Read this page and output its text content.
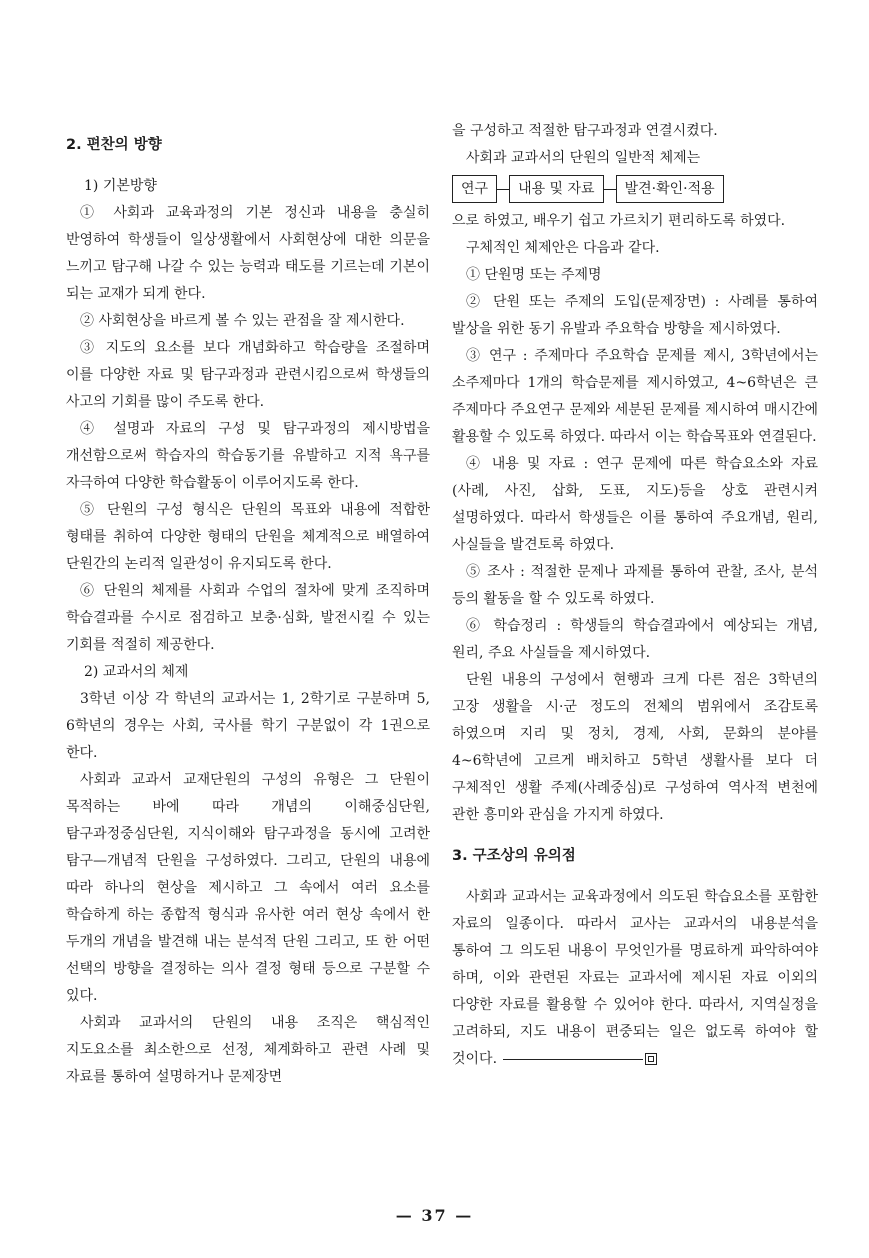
2. 편찬의 방향

1) 기본방향

① 사회과 교육과정의 기본 정신과 내용을 충실히 반영하여 학생들이 일상생활에서 사회현상에 대한 의문을 느끼고 탐구해 나갈 수 있는 능력과 태도를 기르는데 기본이 되는 교재가 되게 한다.

② 사회현상을 바르게 볼 수 있는 관점을 잘 제시한다.

③ 지도의 요소를 보다 개념화하고 학습량을 조절하며 이를 다양한 자료 및 탐구과정과 관련시킴으로써 학생들의 사고의 기회를 많이 주도록 한다.

④ 설명과 자료의 구성 및 탐구과정의 제시방법을 개선함으로써 학습자의 학습동기를 유발하고 지적 욕구를 자극하여 다양한 학습활동이 이루어지도록 한다.

⑤ 단원의 구성 형식은 단원의 목표와 내용에 적합한 형태를 취하여 다양한 형태의 단원을 체계적으로 배열하여 단원간의 논리적 일관성이 유지되도록 한다.

⑥ 단원의 체제를 사회과 수업의 절차에 맞게 조직하며 학습결과를 수시로 점검하고 보충·심화, 발전시킬 수 있는 기회를 적절히 제공한다.

2) 교과서의 체제

3학년 이상 각 학년의 교과서는 1, 2학기로 구분하며 5, 6학년의 경우는 사회, 국사를 학기 구분없이 각 1권으로 한다.

사회과 교과서 교재단원의 구성의 유형은 그 단원이 목적하는 바에 따라 개념의 이해중심단원, 탐구과정중심단원, 지식이해와 탐구과정을 동시에 고려한 탐구—개념적 단원을 구성하였다. 그리고, 단원의 내용에 따라 하나의 현상을 제시하고 그 속에서 여러 요소를 학습하게 하는 종합적 형식과 유사한 여러 현상 속에서 한 두개의 개념을 발견해 내는 분석적 단원 그리고, 또 한 어떤 선택의 방향을 결정하는 의사 결정 형태 등으로 구분할 수 있다.

사회과 교과서의 단원의 내용 조직은 핵심적인 지도요소를 최소한으로 선정, 체계화하고 관련 사례 및 자료를 통하여 설명하거나 문제장면

을 구성하고 적절한 탐구과정과 연결시켰다.

사회과 교과서의 단원의 일반적 체제는

연구	내용 및 자료	발견·확인·적용

으로 하였고, 배우기 쉽고 가르치기 편리하도록 하였다.

구체적인 체제안은 다음과 같다.

① 단원명 또는 주제명

② 단원 또는 주제의 도입(문제장면) : 사례를 통하여 발상을 위한 동기 유발과 주요학습 방향을 제시하였다.

③ 연구 : 주제마다 주요학습 문제를 제시, 3학년에서는 소주제마다 1개의 학습문제를 제시하였고, 4~6학년은 큰 주제마다 주요연구 문제와 세분된 문제를 제시하여 매시간에 활용할 수 있도록 하였다. 따라서 이는 학습목표와 연결된다.

④ 내용 및 자료 : 연구 문제에 따른 학습요소와 자료(사례, 사진, 삽화, 도표, 지도)등을 상호 관련시켜 설명하였다. 따라서 학생들은 이를 통하여 주요개념, 원리, 사실들을 발견토록 하였다.

⑤ 조사 : 적절한 문제나 과제를 통하여 관찰, 조사, 분석 등의 활동을 할 수 있도록 하였다.

⑥ 학습정리 : 학생들의 학습결과에서 예상되는 개념, 원리, 주요 사실들을 제시하였다.

단원 내용의 구성에서 현행과 크게 다른 점은 3학년의 고장 생활을 시·군 정도의 전체의 범위에서 조감토록 하였으며 지리 및 정치, 경제, 사회, 문화의 분야를 4~6학년에 고르게 배치하고 5학년 생활사를 보다 더 구체적인 생활 주제(사례중심)로 구성하여 역사적 변천에 관한 흥미와 관심을 가지게 하였다.

3. 구조상의 유의점

사회과 교과서는 교육과정에서 의도된 학습요소를 포함한 자료의 일종이다. 따라서 교사는 교과서의 내용분석을 통하여 그 의도된 내용이 무엇인가를 명료하게 파악하여야 하며, 이와 관련된 자료는 교과서에 제시된 자료 이외의 다양한 자료를 활용할 수 있어야 한다. 따라서, 지역실정을 고려하되, 지도 내용이 편중되는 일은 없도록 하여야 할 것이다.

— 37 —
